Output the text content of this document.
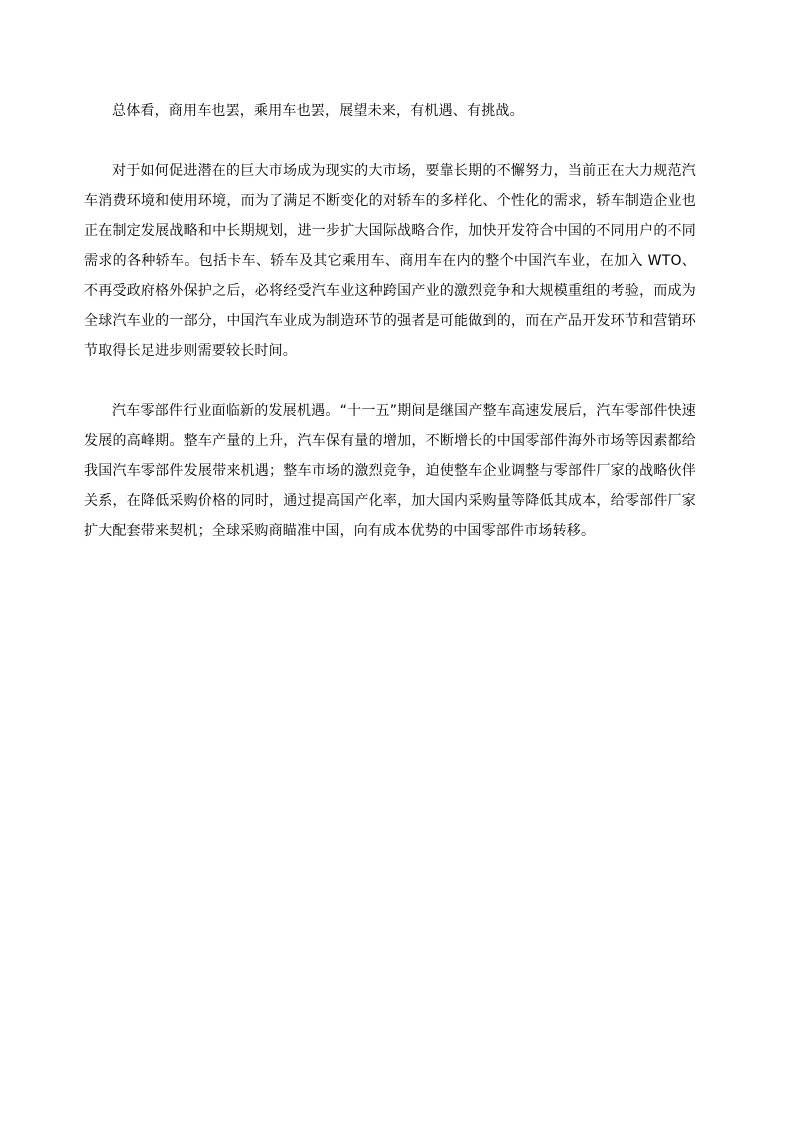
总体看，商用车也罢，乘用车也罢，展望未来，有机遇、有挑战。

对于如何促进潜在的巨大市场成为现实的大市场，要靠长期的不懈努力，当前正在大力规范汽车消费环境和使用环境，而为了满足不断变化的对轿车的多样化、个性化的需求，轿车制造企业也正在制定发展战略和中长期规划，进一步扩大国际战略合作，加快开发符合中国的不同用户的不同需求的各种轿车。包括卡车、轿车及其它乘用车、商用车在内的整个中国汽车业，在加入 WTO、不再受政府格外保护之后，必将经受汽车业这种跨国产业的激烈竞争和大规模重组的考验，而成为全球汽车业的一部分，中国汽车业成为制造环节的强者是可能做到的，而在产品开发环节和营销环节取得长足进步则需要较长时间。

汽车零部件行业面临新的发展机遇。“十一五”期间是继国产整车高速发展后，汽车零部件快速发展的高峰期。整车产量的上升，汽车保有量的增加，不断增长的中国零部件海外市场等因素都给我国汽车零部件发展带来机遇；整车市场的激烈竞争，迫使整车企业调整与零部件厂家的战略伙伴关系，在降低采购价格的同时，通过提高国产化率，加大国内采购量等降低其成本，给零部件厂家扩大配套带来契机；全球采购商瞄准中国，向有成本优势的中国零部件市场转移。
